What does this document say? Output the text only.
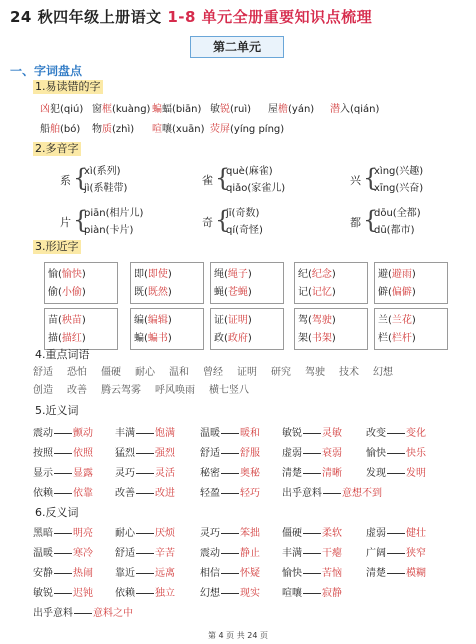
24 秋四年级上册语文 1-8 单元全册重要知识点梳理
第二单元
一、字词盘点
1.易读错的字
凶犯(qiú) 窗框(kuàng) 蝙蝠(biān) 敏锐(ruì) 屋檐(yán) 潜入(qián)
船舶(bó) 物质(zhì) 喧嚷(xuān) 荧屏(yíng píng)
2.多音字
系 {
xì(系列)
jì(系鞋带)
雀 {
què(麻雀)
qiǎo(家雀儿)
兴 {
xìng(兴趣)
xīng(兴奋)
片 {
piān(相片儿)
piàn(卡片)
奇 {
jī(奇数)
qí(奇怪)
都 {
dōu(全都)
dū(都市)
3.形近字
愉(愉快)	即(即使)	绳(绳子)	纪(纪念)	避(避雨)
偷(小偷)	既(既然)	蝇(苍蝇)	记(记忆)	僻(偏僻)
苗(秧苗)	编(编辑)	证(证明)	驾(驾驶)	兰(兰花)
描(描红)	蝙(蝙书)	政(政府)	架(书架)	栏(栏杆)
4.重点词语
舒适 恐怕 僵硬 耐心 温和 曾经 证明 研究 驾驶 技术 幻想
创造 改善 腾云驾雾 呼风唤雨 横七竖八
5.近义词
震动 颤动 丰满 饱满	温暖 暖和 敏锐 灵敏 改变 变化
按照 依照 猛烈 强烈	舒适 舒服 虚弱 衰弱 愉快 快乐
显示 显露 灵巧 灵活	秘密 奥秘 清楚 清晰 发现 发明
依赖 依靠 改善 改进	轻盈 轻巧 出乎意料 意想不到
6.反义词
黑暗 明亮 耐心 厌烦	灵巧 笨拙 僵硬 柔软 虚弱 健壮
温暖 寒冷 舒适 辛苦	震动 静止 丰满 干瘪 广阔 狭窄
安静 热闹 靠近 远离	相信 怀疑 愉快 苦恼 清楚 模糊
敏锐 迟钝 依赖 独立	幻想 现实 喧嚷 寂静
出乎意料 意料之中
第 4 页 共 24 页
